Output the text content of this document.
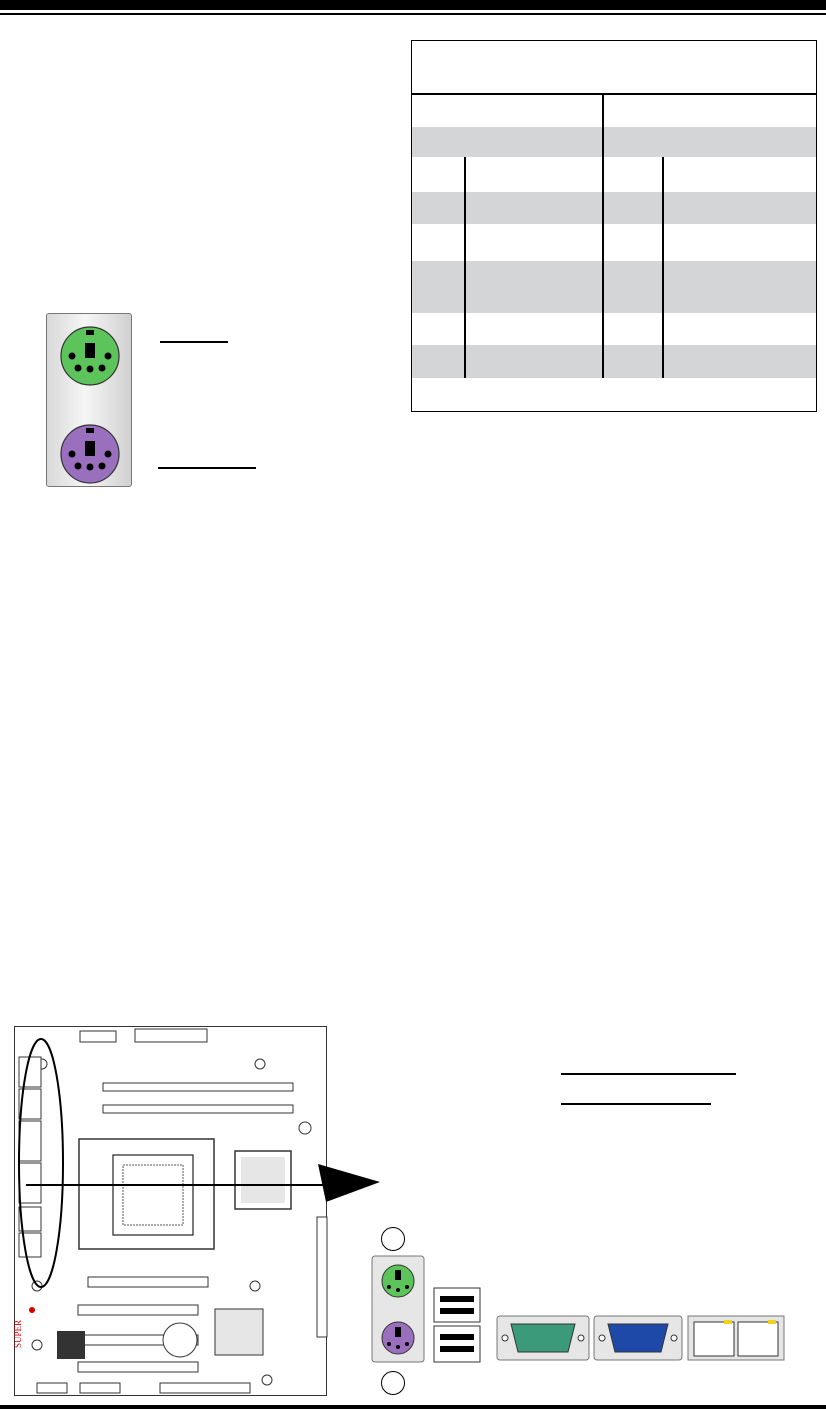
SUPER
